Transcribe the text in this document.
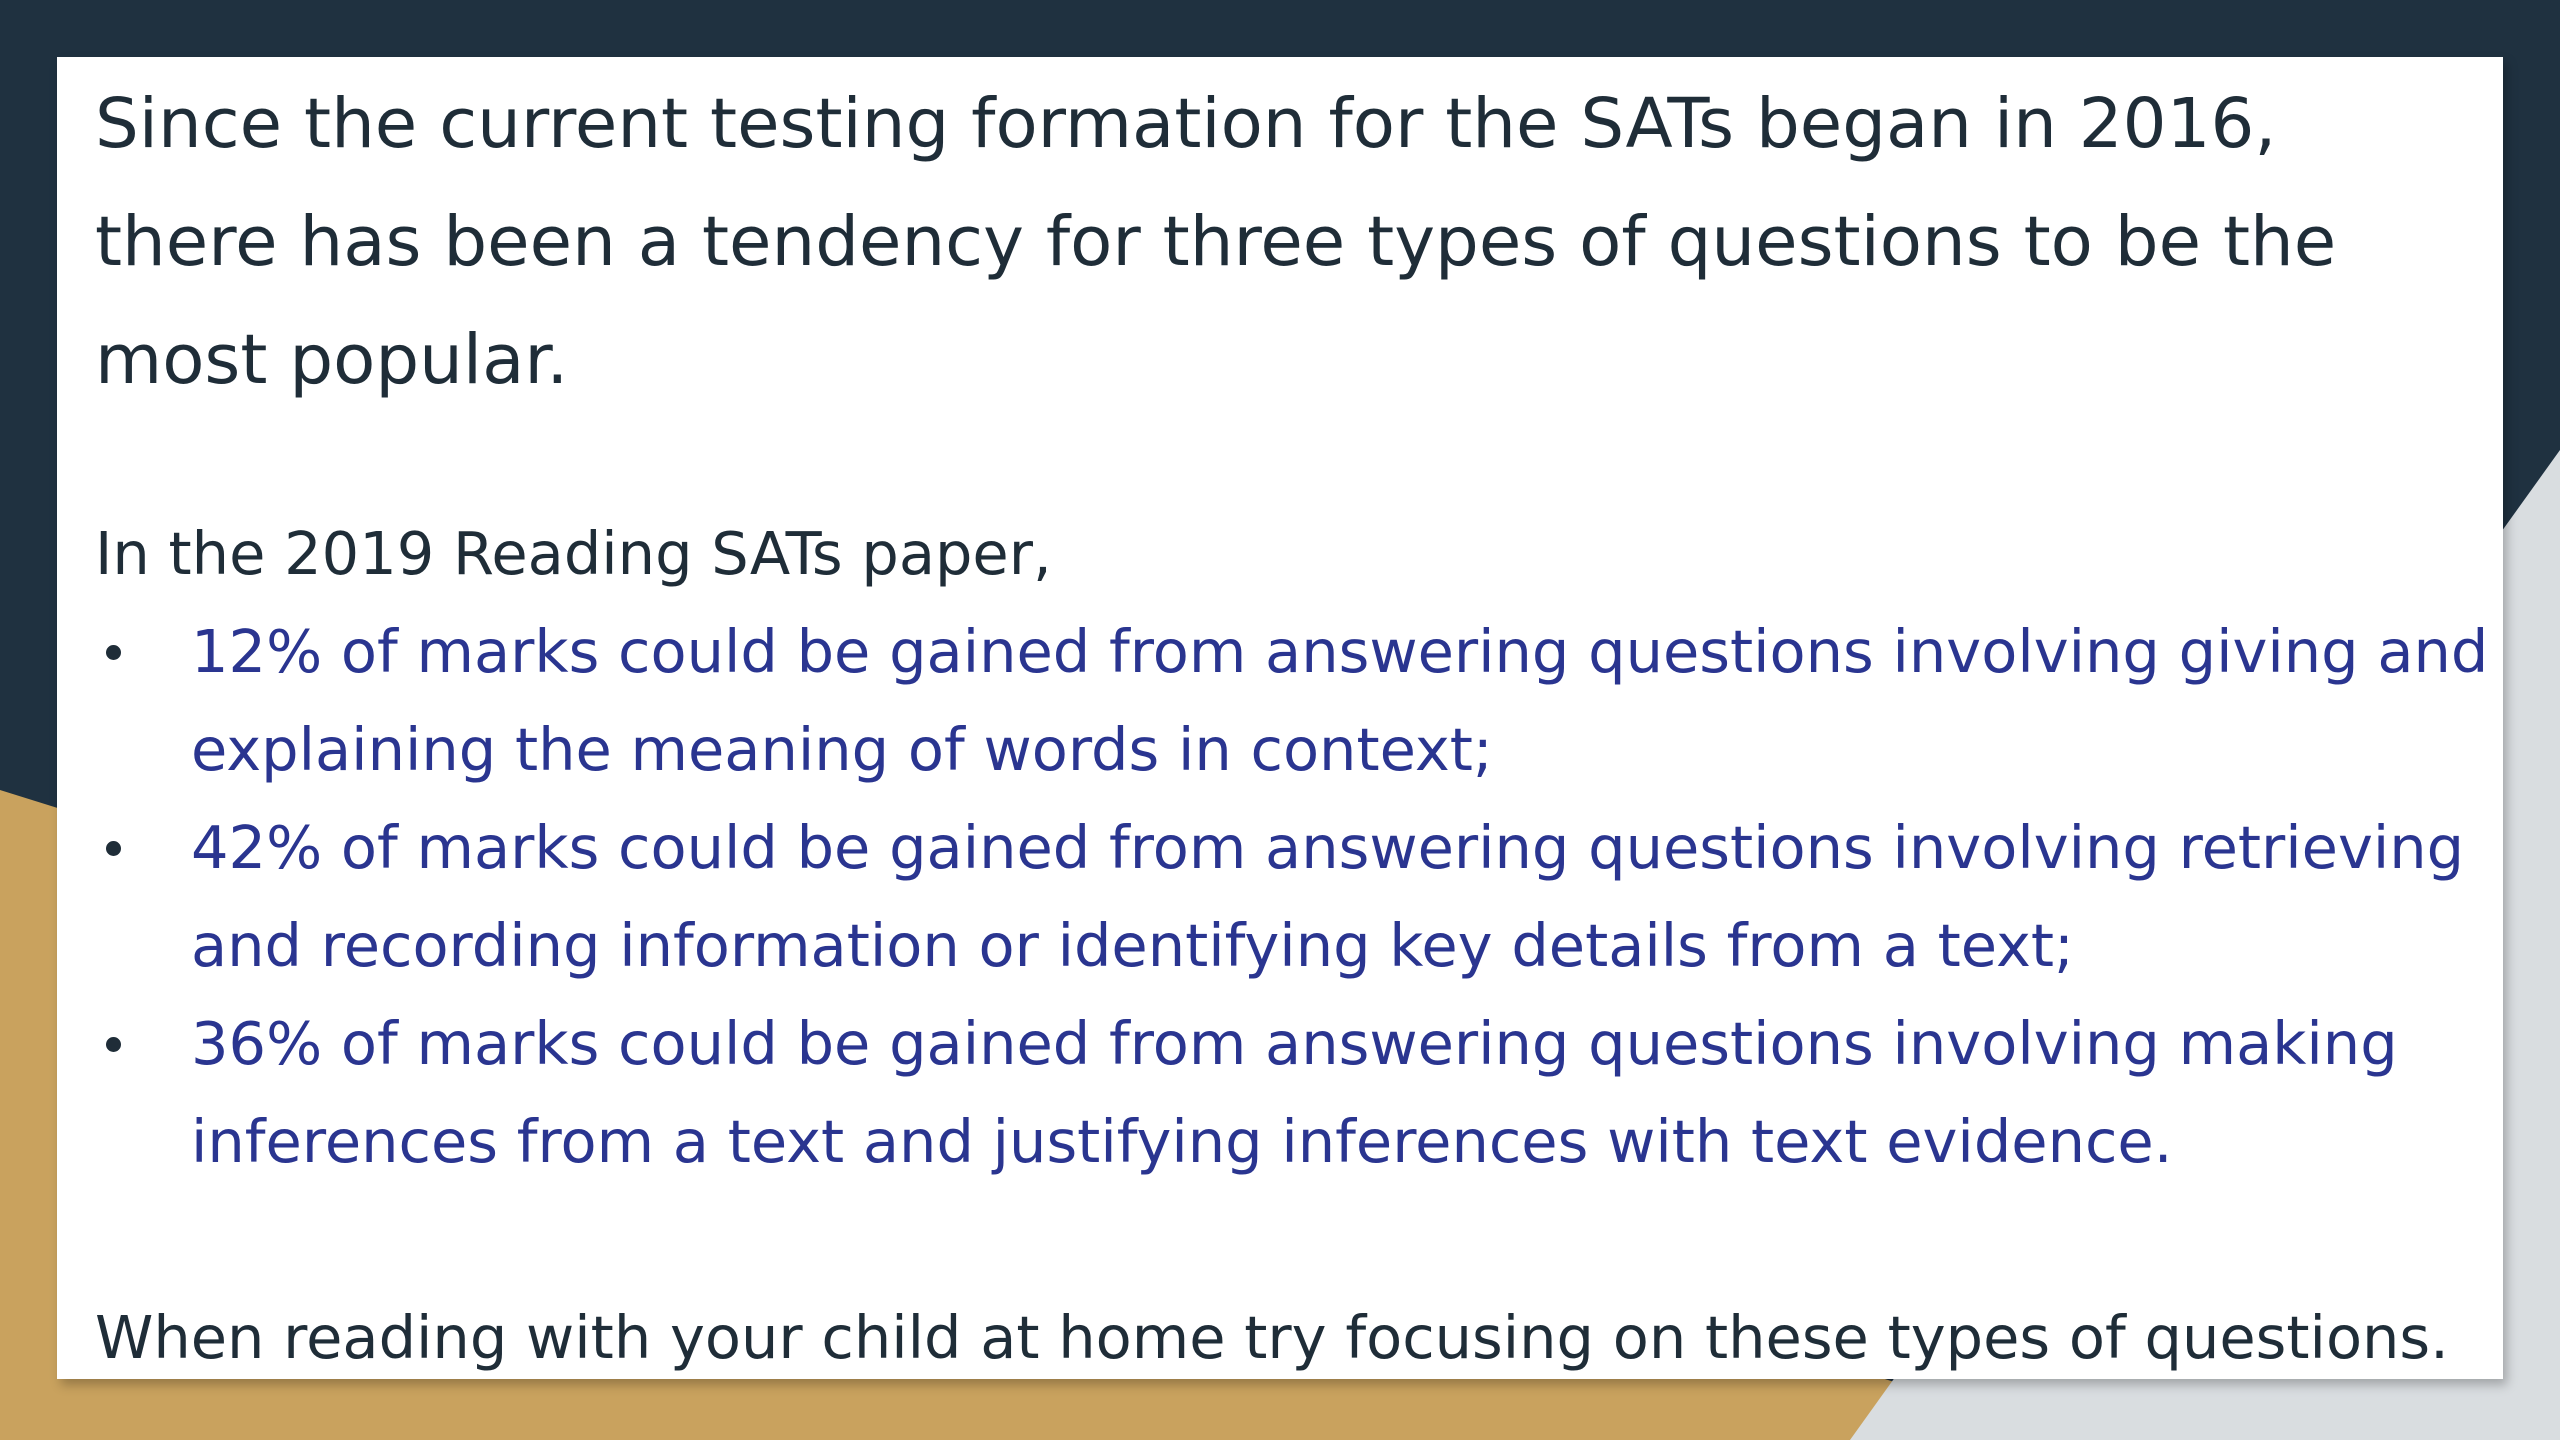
Since the current testing formation for the SATs began in 2016, there has been a tendency for three types of questions to be the most popular.

In the 2019 Reading SATs paper,

12% of marks could be gained from answering questions involving giving and explaining the meaning of words in context;
42% of marks could be gained from answering questions involving retrieving and recording information or identifying key details from a text;
36% of marks could be gained from answering questions involving making inferences from a text and justifying inferences with text evidence.

When reading with your child at home try focusing on these types of questions.
